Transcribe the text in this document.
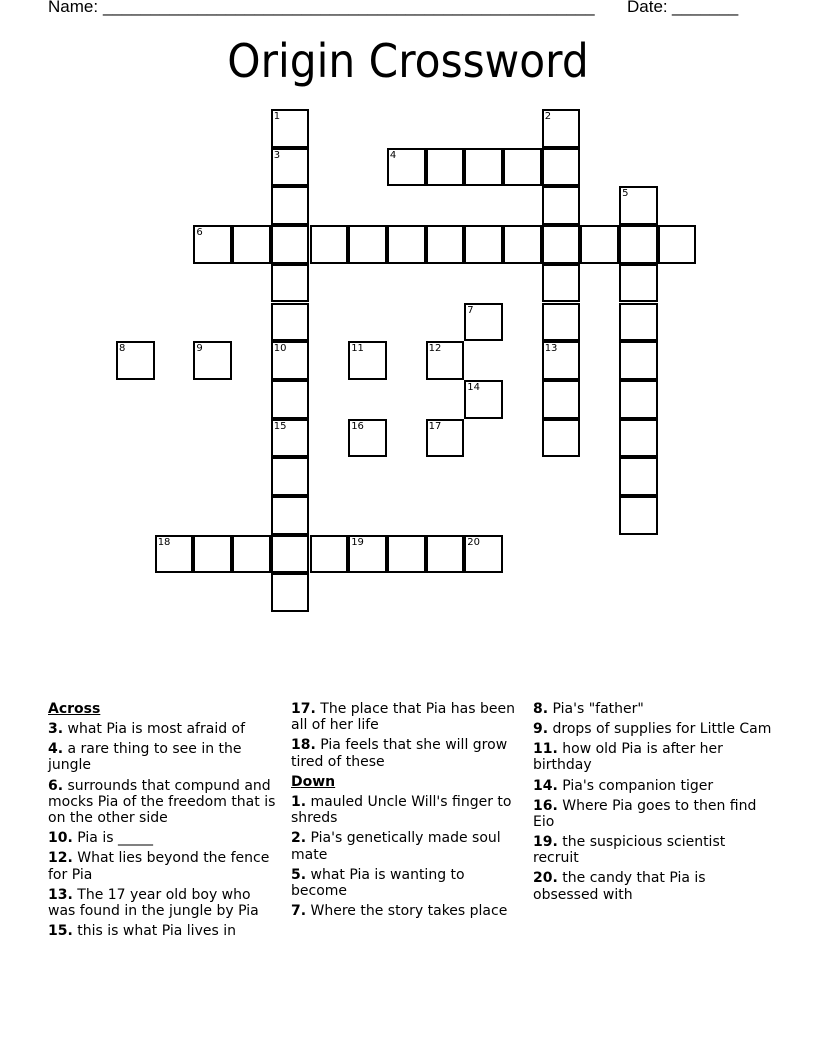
Name: ____________________________________________________ Date: _______
Origin Crossword
1
3
10
15
2
13
4
5
6
7
12
14
17
8	9	11
16
18	19	20
Across
3. what Pia is most afraid of
4. a rare thing to see in the jungle
6. surrounds that compund and mocks Pia of the freedom that is on the other side
10. Pia is _____
12. What lies beyond the fence for Pia
13. The 17 year old boy who was found in the jungle by Pia
15. this is what Pia lives in
17. The place that Pia has been all of her life
18. Pia feels that she will grow tired of these
Down
1. mauled Uncle Will's finger to shreds
2. Pia's genetically made soul mate
5. what Pia is wanting to become
7. Where the story takes place
8. Pia's "father"
9. drops of supplies for Little Cam
11. how old Pia is after her birthday
14. Pia's companion tiger
16. Where Pia goes to then find Eio
19. the suspicious scientist recruit
20. the candy that Pia is obsessed with
